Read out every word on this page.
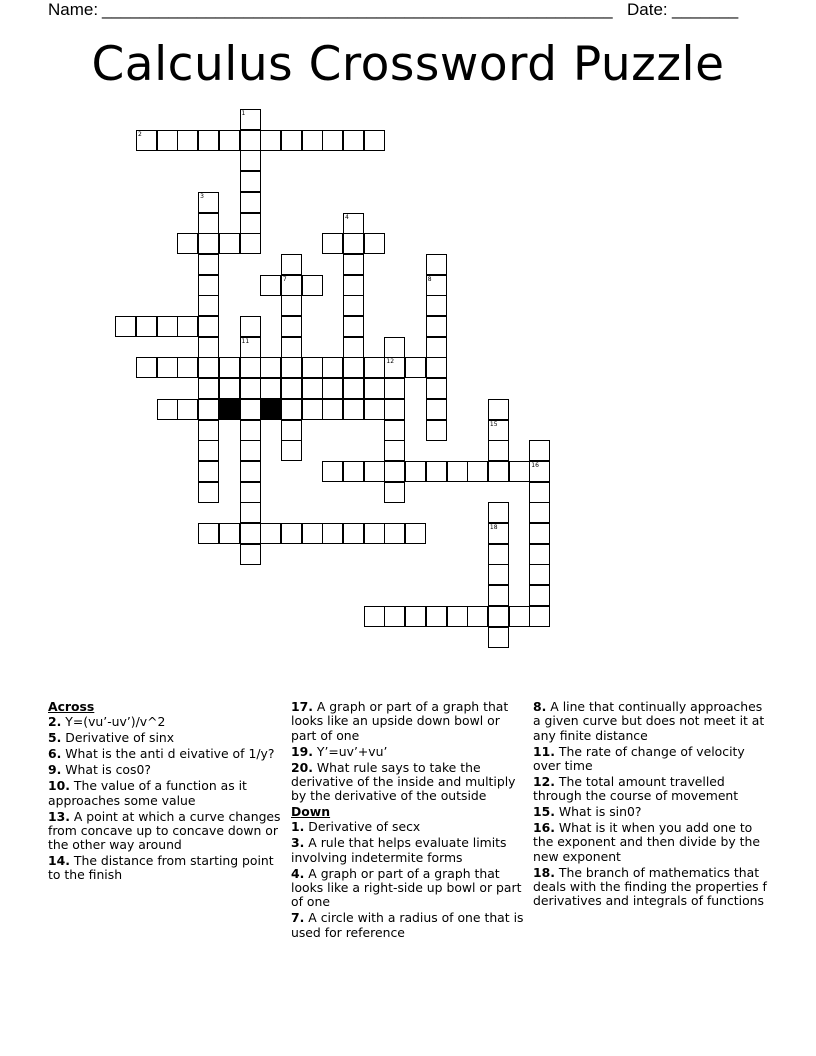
Name: ______________________________________________________ Date: _______
Calculus Crossword Puzzle
1
2
3
4
7	8
11
12
15
16
18
Across
2. Y=(vu’-uv’)/v^2
5. Derivative of sinx
6. What is the anti d eivative of 1/y?
9. What is cos0?
10. The value of a function as it approaches some value
13. A point at which a curve changes from concave up to concave down or the other way around
14. The distance from starting point to the finish
17. A graph or part of a graph that looks like an upside down bowl or part of one
19. Y’=uv’+vu’
20. What rule says to take the derivative of the inside and multiply by the derivative of the outside
Down
1. Derivative of secx
3. A rule that helps evaluate limits involving indetermite forms
4. A graph or part of a graph that looks like a right-side up bowl or part of one
7. A circle with a radius of one that is used for reference
8. A line that continually approaches a given curve but does not meet it at any finite distance
11. The rate of change of velocity over time
12. The total amount travelled through the course of movement
15. What is sin0?
16. What is it when you add one to the exponent and then divide by the new exponent
18. The branch of mathematics that deals with the finding the properties f derivatives and integrals of functions
